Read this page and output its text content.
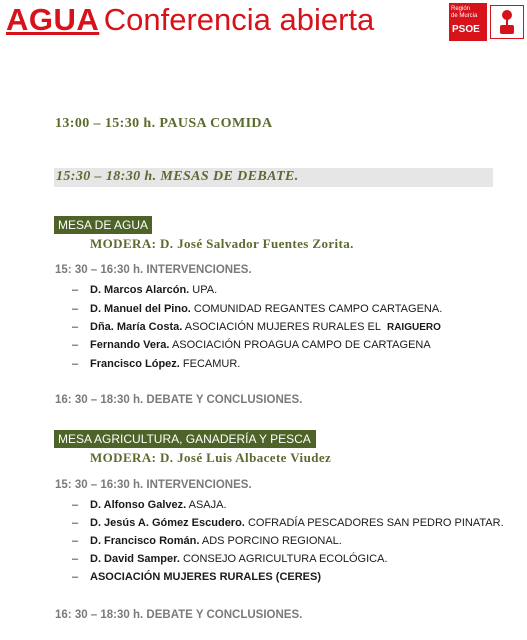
AGUA Conferencia abierta	Región
de Murcia
PSOE
13:00 – 15:30 h. PAUSA COMIDA
15:30 – 18:30 h. MESAS DE DEBATE.
MESA DE AGUA
MODERA: D. José Salvador Fuentes Zorita.
15: 30 – 16:30 h. INTERVENCIONES.
– D. Marcos Alarcón. UPA.
– D. Manuel del Pino. COMUNIDAD REGANTES CAMPO CARTAGENA.
– Dña. María Costa. ASOCIACIÓN MUJERES RURALES EL RAIGUERO
– Fernando Vera. ASOCIACIÓN PROAGUA CAMPO DE CARTAGENA
– Francisco López. FECAMUR.
16: 30 – 18:30 h. DEBATE Y CONCLUSIONES.
MESA AGRICULTURA, GANADERÍA Y PESCA
MODERA: D. José Luis Albacete Viudez
15: 30 – 16:30 h. INTERVENCIONES.
– D. Alfonso Galvez. ASAJA.
– D. Jesús A. Gómez Escudero. COFRADÍA PESCADORES SAN PEDRO PINATAR.
– D. Francisco Román. ADS PORCINO REGIONAL.
– D. David Samper. CONSEJO AGRICULTURA ECOLÓGICA.
– ASOCIACIÓN MUJERES RURALES (CERES)
16: 30 – 18:30 h. DEBATE Y CONCLUSIONES.
